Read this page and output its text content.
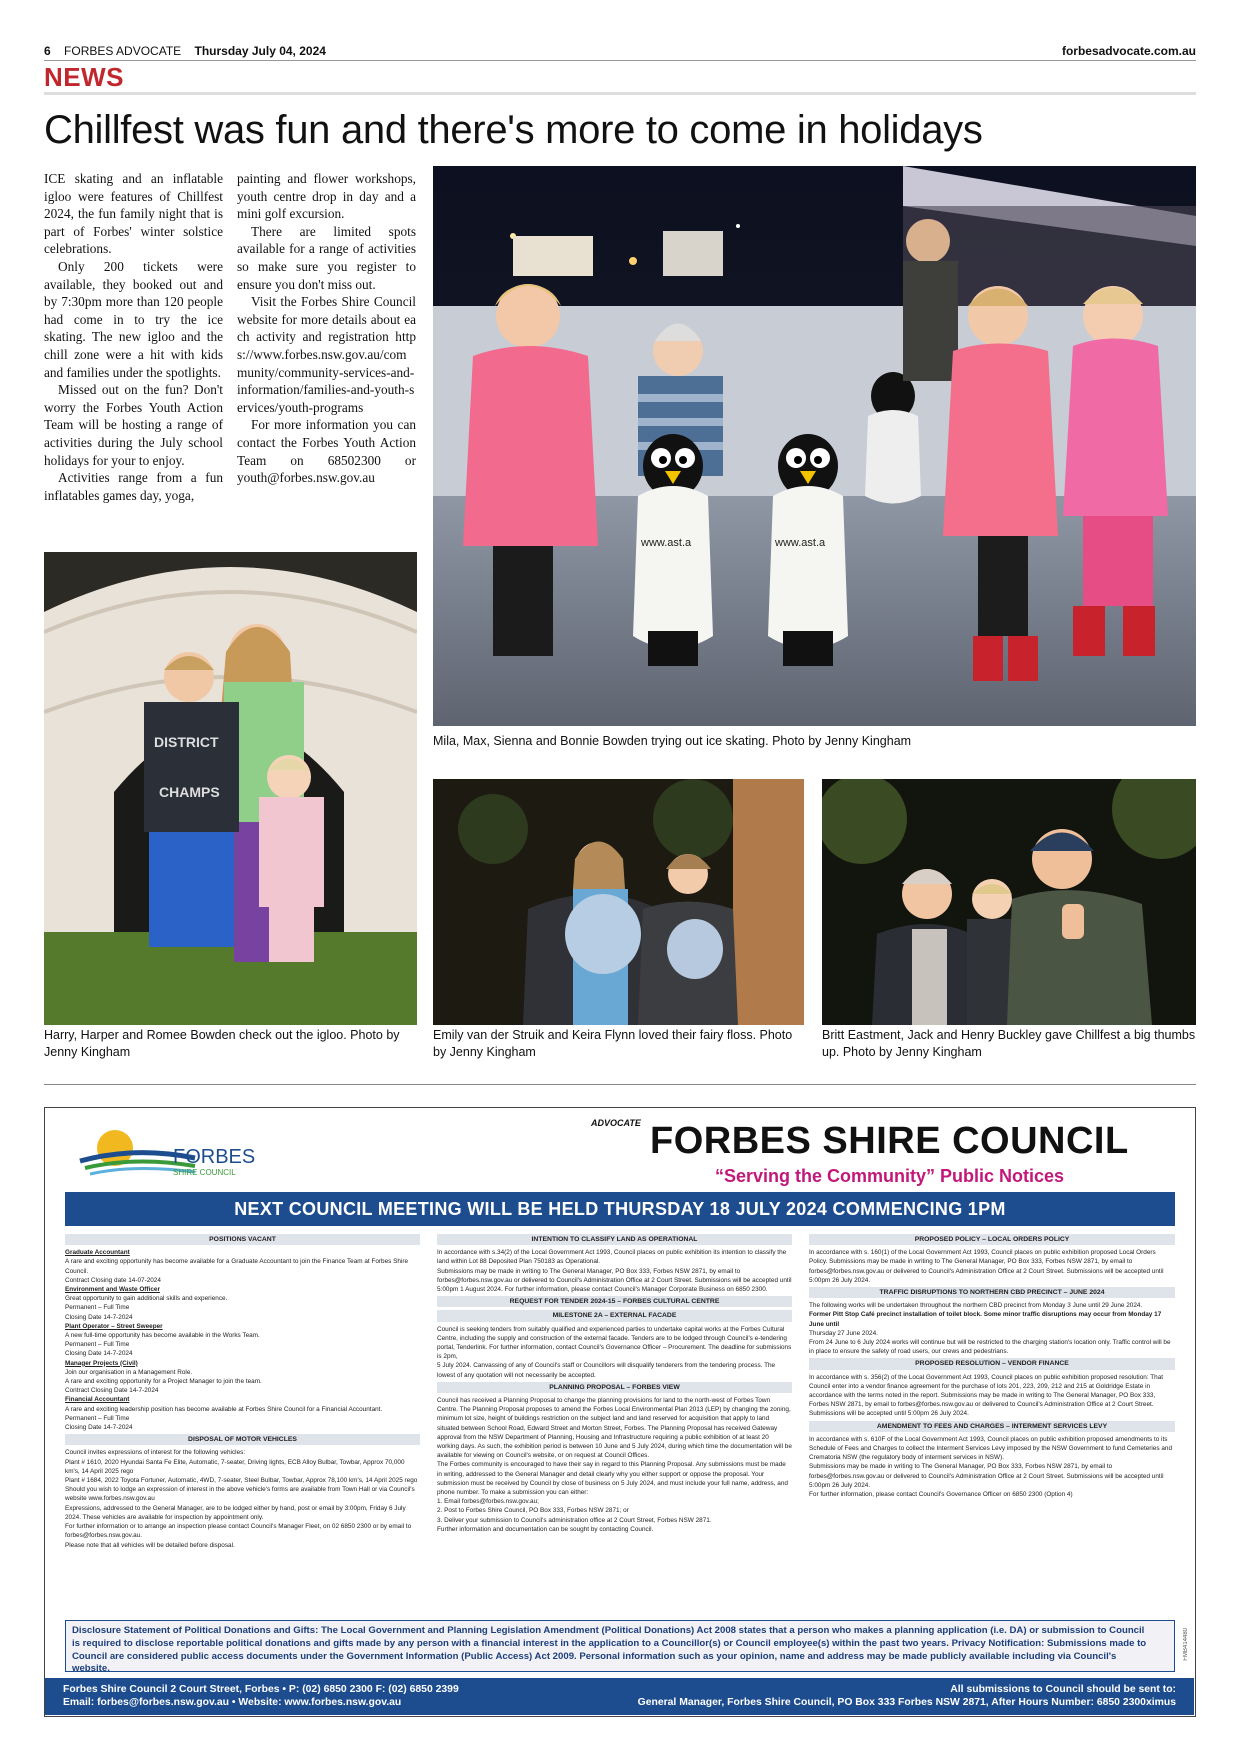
6 FORBES ADVOCATE Thursday July 04, 2024	forbesadvocate.com.au
NEWS
Chillfest was fun and there's more to come in holidays

ICE skating and an inflatable igloo were features of Chillfest 2024, the fun family night that is part of Forbes' winter solstice celebrations.

Only 200 tickets were available, they booked out and by 7:30pm more than 120 people had come in to try the ice skating. The new igloo and the chill zone were a hit with kids and families under the spotlights.

Missed out on the fun? Don't worry the Forbes Youth Action Team will be hosting a range of activities during the July school holidays for your to enjoy.

Activities range from a fun inflatables games day, yoga,

painting and flower workshops, youth centre drop in day and a mini golf excursion.

There are limited spots available for a range of activities so make sure you register to ensure you don't miss out.

Visit the Forbes Shire Council website for more details about each activity and registration https://www.forbes.nsw.gov.au/community/community-services-and-information/families-and-youth-services/youth-programs

For more information you can contact the Forbes Youth Action Team on 68502300 or youth@forbes.nsw.gov.au

www.ast.a	www.ast.a
Mila, Max, Sienna and Bonnie Bowden trying out ice skating. Photo by Jenny Kingham
DISTRICT
CHAMPS
Harry, Harper and Romee Bowden check out the igloo. Photo by Jenny Kingham
Emily van der Struik and Keira Flynn loved their fairy floss. Photo by Jenny Kingham
Britt Eastment, Jack and Henry Buckley gave Chillfest a big thumbs up. Photo by Jenny Kingham
FORBES
SHIRE COUNCIL
ADVOCATE FORBES SHIRE COUNCIL
“Serving the Community” Public Notices
NEXT COUNCIL MEETING WILL BE HELD THURSDAY 18 JULY 2024 COMMENCING 1PM
POSITIONS VACANT
Graduate Accountant
A rare and exciting opportunity has become available for a Graduate Accountant to join the Finance Team at Forbes Shire Council.
Contract Closing date 14-07-2024
Environment and Waste Officer
Great opportunity to gain additional skills and experience.
Permanent – Full Time
Closing Date 14-7-2024
Plant Operator – Street Sweeper
A new full-time opportunity has become available in the Works Team.
Permanent – Full Time
Closing Date 14-7-2024
Manager Projects (Civil)
Join our organisation in a Management Role.
A rare and exciting opportunity for a Project Manager to join the team.
Contract Closing Date 14-7-2024
Financial Accountant
A rare and exciting leadership position has become available at Forbes Shire Council for a Financial Accountant.
Permanent – Full Time
Closing Date 14-7-2024
DISPOSAL OF MOTOR VEHICLES
Council invites expressions of interest for the following vehicles:
Plant # 1610, 2020 Hyundai Santa Fe Elite, Automatic, 7-seater, Driving lights, ECB Alloy Bulbar, Towbar, Approx 70,000 km's, 14 April 2025 rego
Plant # 1684, 2022 Toyota Fortuner, Automatic, 4WD, 7-seater, Steel Bulbar, Towbar, Approx 78,100 km's, 14 April 2025 rego
Should you wish to lodge an expression of interest in the above vehicle's forms are available from Town Hall or via Council's website www.forbes.nsw.gov.au
Expressions, addressed to the General Manager, are to be lodged either by hand, post or email by 3:00pm, Friday 6 July 2024. These vehicles are available for inspection by appointment only.
For further information or to arrange an inspection please contact Council's Manager Fleet, on 02 6850 2300 or by email to forbes@forbes.nsw.gov.au.
Please note that all vehicles will be detailed before disposal.
INTENTION TO CLASSIFY LAND AS OPERATIONAL
In accordance with s.34(2) of the Local Government Act 1993, Council places on public exhibition its intention to classify the land within Lot 88 Deposited Plan 750183 as Operational.
Submissions may be made in writing to The General Manager, PO Box 333, Forbes NSW 2871, by email to forbes@forbes.nsw.gov.au or delivered to Council's Administration Office at 2 Court Street. Submissions will be accepted until 5:00pm 1 August 2024. For further information, please contact Council's Manager Corporate Business on 6850 2300.
REQUEST FOR TENDER 2024-15 – FORBES CULTURAL CENTRE
MILESTONE 2A – EXTERNAL FACADE
Council is seeking tenders from suitably qualified and experienced parties to undertake capital works at the Forbes Cultural Centre, including the supply and construction of the external facade. Tenders are to be lodged through Council's e-tendering portal, Tenderlink. For further information, contact Council's Governance Officer – Procurement. The deadline for submissions is 2pm,
5 July 2024. Canvassing of any of Council's staff or Councillors will disqualify tenderers from the tendering process. The lowest of any quotation will not necessarily be accepted.
PLANNING PROPOSAL – FORBES VIEW
Council has received a Planning Proposal to change the planning provisions for land to the north-west of Forbes Town Centre. The Planning Proposal proposes to amend the Forbes Local Environmental Plan 2013 (LEP) by changing the zoning, minimum lot size, height of buildings restriction on the subject land and land reserved for acquisition that apply to land situated between School Road, Edward Street and Morton Street, Forbes. The Planning Proposal has received Gateway approval from the NSW Department of Planning, Housing and Infrastructure requiring a public exhibition of at least 20 working days. As such, the exhibition period is between 10 June and 5 July 2024, during which time the documentation will be available for viewing on Council's website, or on request at Council Offices.
The Forbes community is encouraged to have their say in regard to this Planning Proposal. Any submissions must be made in writing, addressed to the General Manager and detail clearly why you either support or oppose the proposal. Your submission must be received by Council by close of business on 5 July 2024, and must include your full name, address, and phone number. To make a submission you can either:
1. Email forbes@forbes.nsw.gov.au;
2. Post to Forbes Shire Council, PO Box 333, Forbes NSW 2871; or
3. Deliver your submission to Council's administration office at 2 Court Street, Forbes NSW 2871.
Further information and documentation can be sought by contacting Council.
PROPOSED POLICY – LOCAL ORDERS POLICY
In accordance with s. 160(1) of the Local Government Act 1993, Council places on public exhibition proposed Local Orders Policy. Submissions may be made in writing to The General Manager, PO Box 333, Forbes NSW 2871, by email to forbes@forbes.nsw.gov.au or delivered to Council's Administration Office at 2 Court Street. Submissions will be accepted until 5:00pm 26 July 2024.
TRAFFIC DISRUPTIONS TO NORTHERN CBD PRECINCT – JUNE 2024
The following works will be undertaken throughout the northern CBD precinct from Monday 3 June until 29 June 2024.
Former Pitt Stop Café precinct installation of toilet block. Some minor traffic disruptions may occur from Monday 17 June until
Thursday 27 June 2024.
From 24 June to 6 July 2024 works will continue but will be restricted to the charging station's location only. Traffic control will be in place to ensure the safety of road users, our crews and pedestrians.
PROPOSED RESOLUTION – VENDOR FINANCE
In accordance with s. 356(2) of the Local Government Act 1993, Council places on public exhibition proposed resolution: That Council enter into a vendor finance agreement for the purchase of lots 201, 223, 209, 212 and 215 at Goldridge Estate in accordance with the terms noted in the report. Submissions may be made in writing to The General Manager, PO Box 333, Forbes NSW 2871, by email to forbes@forbes.nsw.gov.au or delivered to Council's Administration Office at 2 Court Street. Submissions will be accepted until 5:00pm 26 July 2024.
AMENDMENT TO FEES AND CHARGES – INTERMENT SERVICES LEVY
In accordance with s. 610F of the Local Government Act 1993, Council places on public exhibition proposed amendments to its Schedule of Fees and Charges to collect the Interment Services Levy imposed by the NSW Government to fund Cemeteries and Crematoria NSW (the regulatory body of interment services in NSW).
Submissions may be made in writing to The General Manager, PO Box 333, Forbes NSW 2871, by email to forbes@forbes.nsw.gov.au or delivered to Council's Administration Office at 2 Court Street. Submissions will be accepted until 5:00pm 26 July 2024.
For further information, please contact Council's Governance Officer on 6850 2300 (Option 4)
Disclosure Statement of Political Donations and Gifts: The Local Government and Planning Legislation Amendment (Political Donations) Act 2008 states that a person who makes a planning application (i.e. DA) or submission to Council is required to disclose reportable political donations and gifts made by any person with a financial interest in the application to a Councillor(s) or Council employee(s) within the past two years. Privacy Notification: Submissions made to Council are considered public access documents under the Government Information (Public Access) Act 2009. Personal information such as your opinion, name and address may be made publicly available including via Council's website.
FMB414480
Forbes Shire Council 2 Court Street, Forbes • P: (02) 6850 2300 F: (02) 6850 2399
Email: forbes@forbes.nsw.gov.au • Website: www.forbes.nsw.gov.au
All submissions to Council should be sent to:
General Manager, Forbes Shire Council, PO Box 333 Forbes NSW 2871, After Hours Number: 6850 2300ximus
